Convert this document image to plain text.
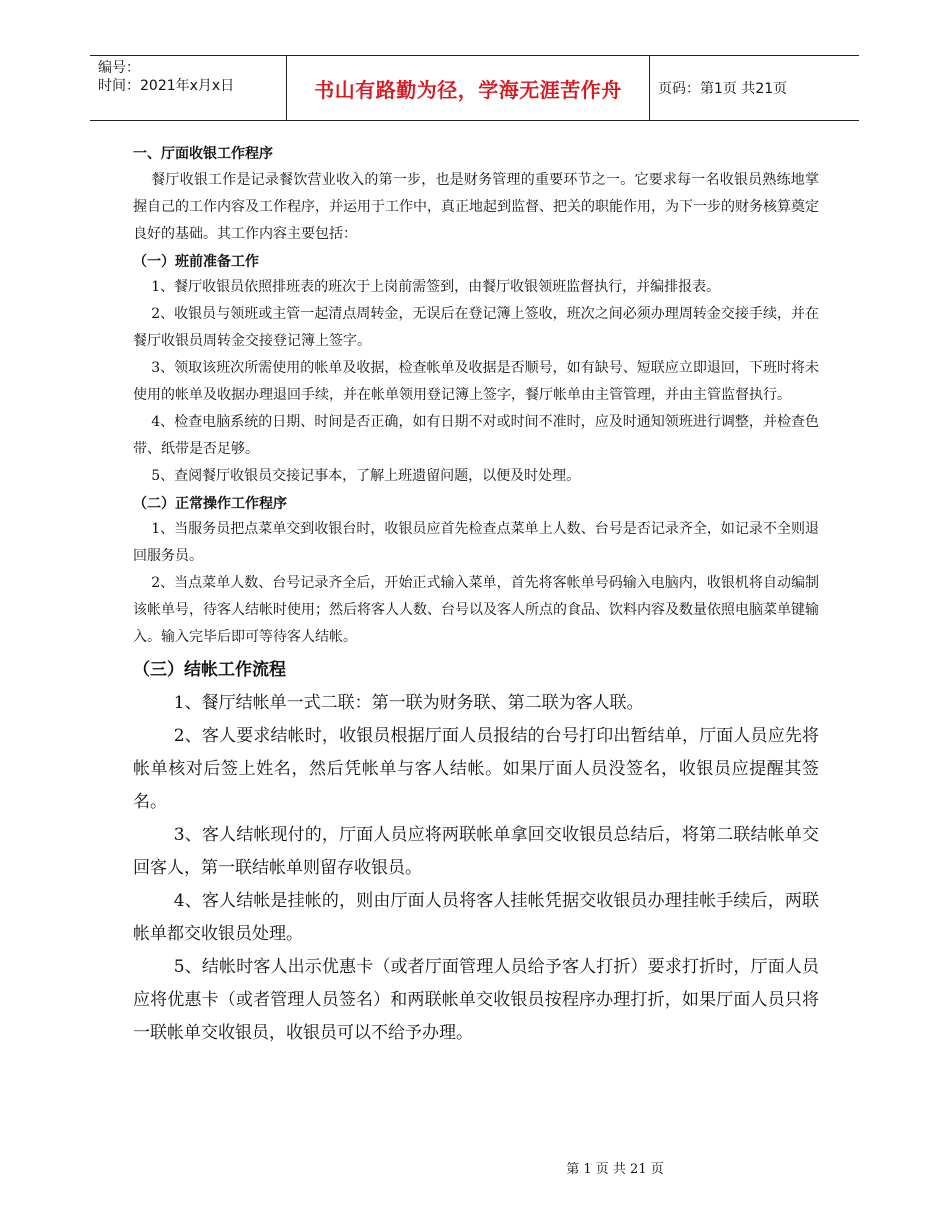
编号：
时间：2021年x月x日	书山有路勤为径，学海无涯苦作舟	页码：第1页 共21页
一、厅面收银工作程序

餐厅收银工作是记录餐饮营业收入的第一步，也是财务管理的重要环节之一。它要求每一名收银员熟练地掌握自己的工作内容及工作程序，并运用于工作中，真正地起到监督、把关的职能作用，为下一步的财务核算奠定良好的基础。其工作内容主要包括：

（一）班前准备工作

1、餐厅收银员依照排班表的班次于上岗前需签到，由餐厅收银领班监督执行，并编排报表。

2、收银员与领班或主管一起清点周转金，无误后在登记簿上签收，班次之间必须办理周转金交接手续，并在餐厅收银员周转金交接登记簿上签字。

3、领取该班次所需使用的帐单及收据，检查帐单及收据是否顺号，如有缺号、短联应立即退回，下班时将未使用的帐单及收据办理退回手续，并在帐单领用登记簿上签字，餐厅帐单由主管管理，并由主管监督执行。

4、检查电脑系统的日期、时间是否正确，如有日期不对或时间不准时，应及时通知领班进行调整，并检查色带、纸带是否足够。

5、查阅餐厅收银员交接记事本，了解上班遗留问题，以便及时处理。

（二）正常操作工作程序

1、当服务员把点菜单交到收银台时，收银员应首先检查点菜单上人数、台号是否记录齐全，如记录不全则退回服务员。

2、当点菜单人数、台号记录齐全后，开始正式输入菜单，首先将客帐单号码输入电脑内，收银机将自动编制该帐单号，待客人结帐时使用；然后将客人人数、台号以及客人所点的食品、饮料内容及数量依照电脑菜单键输入。输入完毕后即可等待客人结帐。

（三）结帐工作流程

1、餐厅结帐单一式二联：第一联为财务联、第二联为客人联。

2、客人要求结帐时，收银员根据厅面人员报结的台号打印出暂结单，厅面人员应先将帐单核对后签上姓名，然后凭帐单与客人结帐。如果厅面人员没签名，收银员应提醒其签名。

3、客人结帐现付的，厅面人员应将两联帐单拿回交收银员总结后，将第二联结帐单交回客人，第一联结帐单则留存收银员。

4、客人结帐是挂帐的，则由厅面人员将客人挂帐凭据交收银员办理挂帐手续后，两联帐单都交收银员处理。

5、结帐时客人出示优惠卡（或者厅面管理人员给予客人打折）要求打折时，厅面人员应将优惠卡（或者管理人员签名）和两联帐单交收银员按程序办理打折，如果厅面人员只将一联帐单交收银员，收银员可以不给予办理。

第 1 页 共 21 页
